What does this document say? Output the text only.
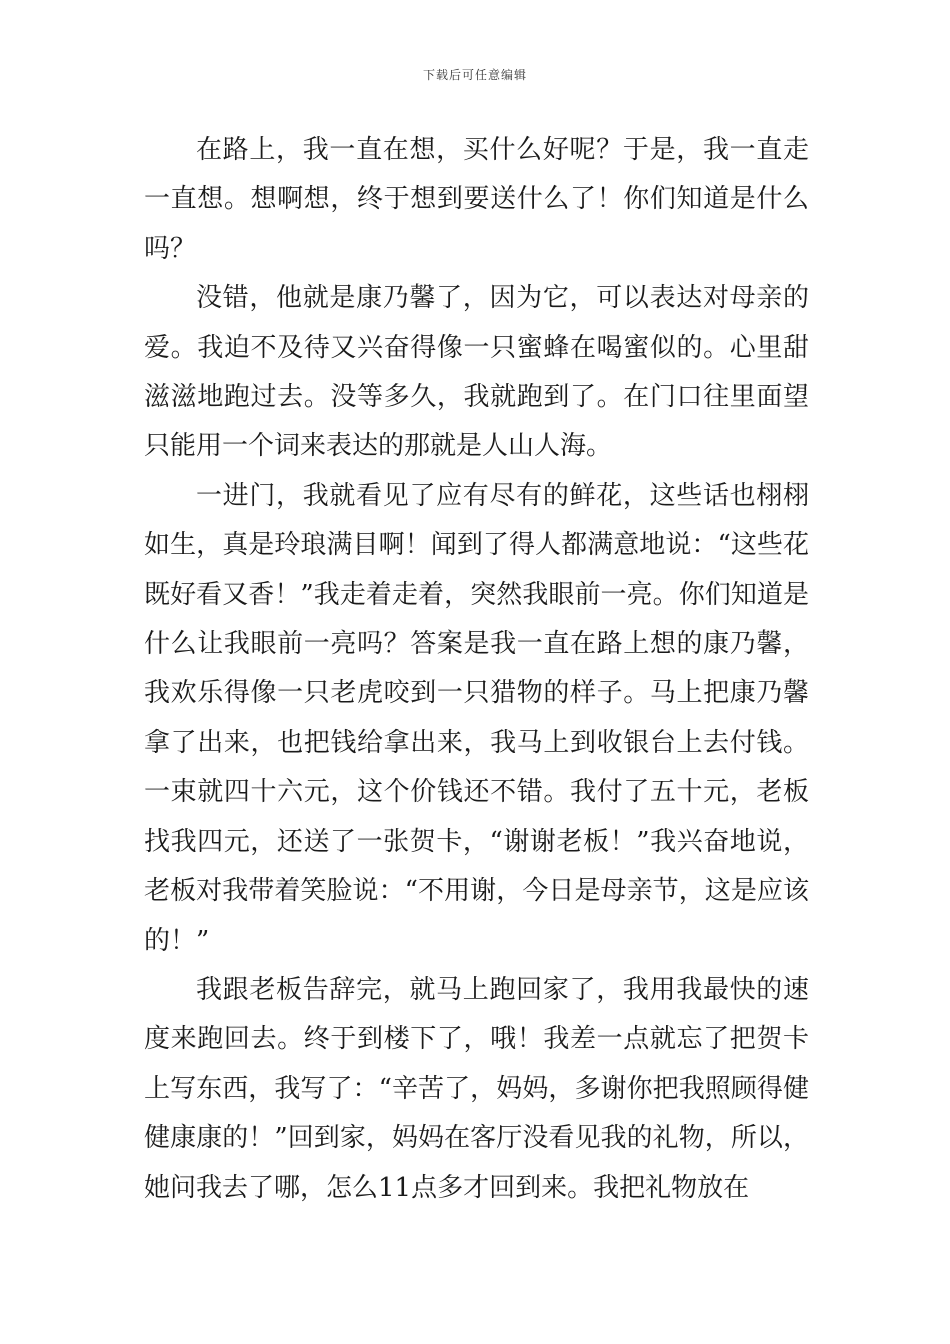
下载后可任意编辑

在路上，我一直在想，买什么好呢？于是，我一直走一直想。想啊想，终于想到要送什么了！你们知道是什么吗？

没错，他就是康乃馨了，因为它，可以表达对母亲的爱。我迫不及待又兴奋得像一只蜜蜂在喝蜜似的。心里甜滋滋地跑过去。没等多久，我就跑到了。在门口往里面望只能用一个词来表达的那就是人山人海。

一进门，我就看见了应有尽有的鲜花，这些话也栩栩如生，真是玲琅满目啊！闻到了得人都满意地说：“这些花既好看又香！”我走着走着，突然我眼前一亮。你们知道是什么让我眼前一亮吗？答案是我一直在路上想的康乃馨，我欢乐得像一只老虎咬到一只猎物的样子。马上把康乃馨拿了出来，也把钱给拿出来，我马上到收银台上去付钱。一束就四十六元，这个价钱还不错。我付了五十元，老板找我四元，还送了一张贺卡，“谢谢老板！”我兴奋地说，老板对我带着笑脸说：“不用谢，今日是母亲节，这是应该的！”

我跟老板告辞完，就马上跑回家了，我用我最快的速度来跑回去。终于到楼下了，哦！我差一点就忘了把贺卡上写东西，我写了：“辛苦了，妈妈，多谢你把我照顾得健健康康的！”回到家，妈妈在客厅没看见我的礼物，所以，她问我去了哪，怎么11点多才回到来。我把礼物放在
